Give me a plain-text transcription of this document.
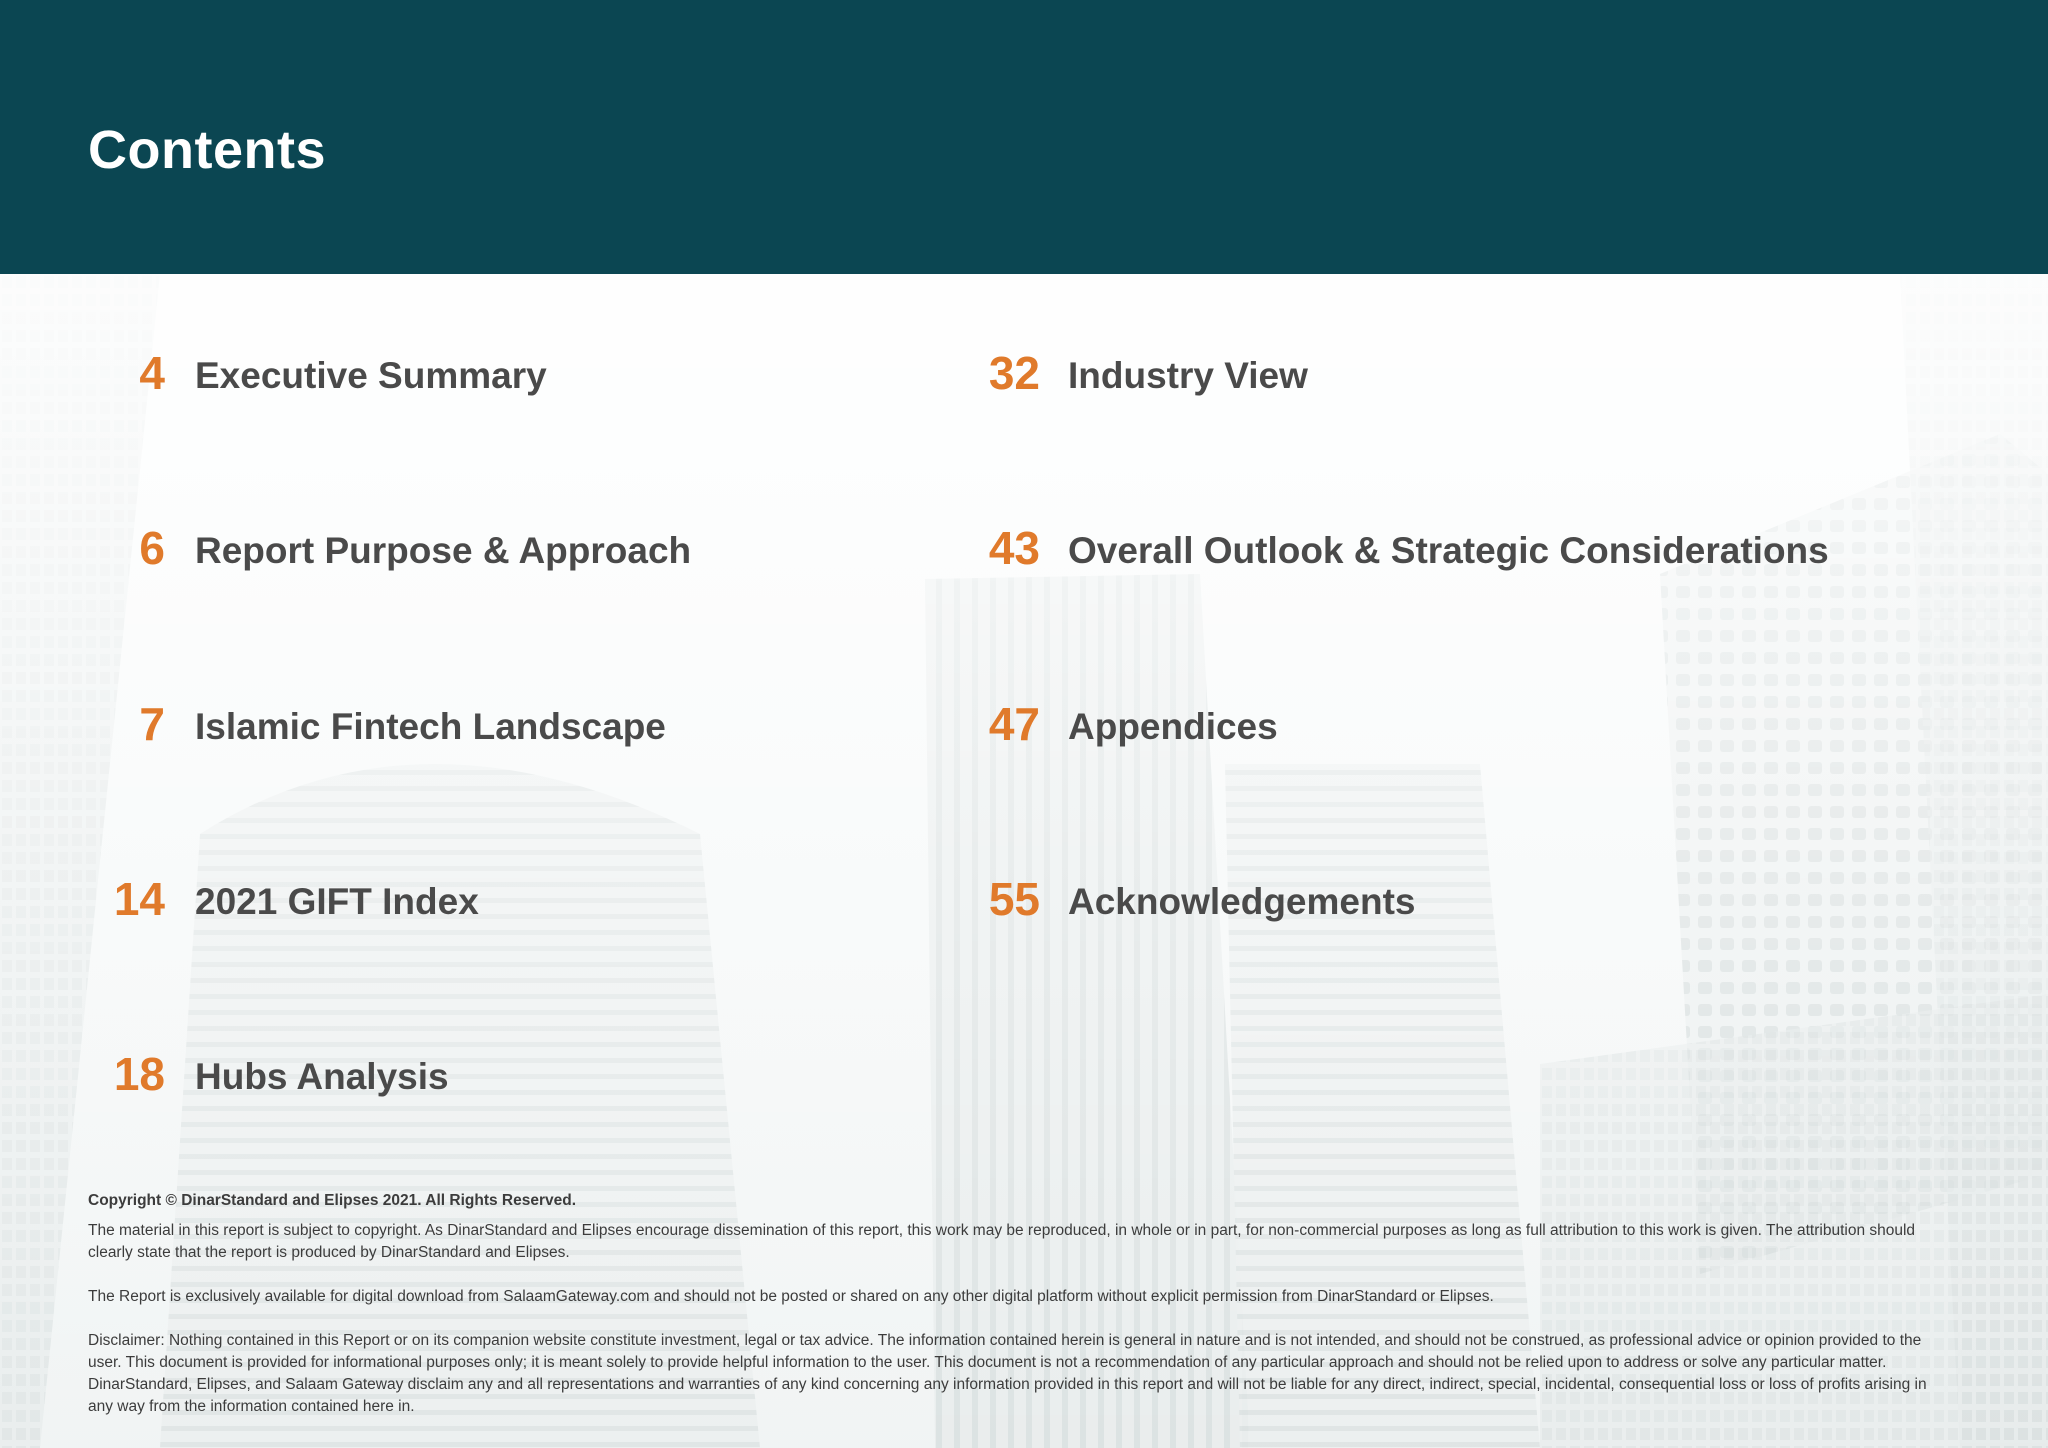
Contents
4 Executive Summary
6 Report Purpose & Approach
7 Islamic Fintech Landscape
14 2021 GIFT Index
18 Hubs Analysis
32 Industry View
43 Overall Outlook & Strategic Considerations
47 Appendices
55 Acknowledgements
Copyright © DinarStandard and Elipses 2021. All Rights Reserved.

The material in this report is subject to copyright. As DinarStandard and Elipses encourage dissemination of this report, this work may be reproduced, in whole or in part, for non-commercial purposes as long as full attribution to this work is given. The attribution should clearly state that the report is produced by DinarStandard and Elipses.

The Report is exclusively available for digital download from SalaamGateway.com and should not be posted or shared on any other digital platform without explicit permission from DinarStandard or Elipses.

Disclaimer: Nothing contained in this Report or on its companion website constitute investment, legal or tax advice. The information contained herein is general in nature and is not intended, and should not be construed, as professional advice or opinion provided to the user. This document is provided for informational purposes only; it is meant solely to provide helpful information to the user. This document is not a recommendation of any particular approach and should not be relied upon to address or solve any particular matter. DinarStandard, Elipses, and Salaam Gateway disclaim any and all representations and warranties of any kind concerning any information provided in this report and will not be liable for any direct, indirect, special, incidental, consequential loss or loss of profits arising in any way from the information contained here in.
